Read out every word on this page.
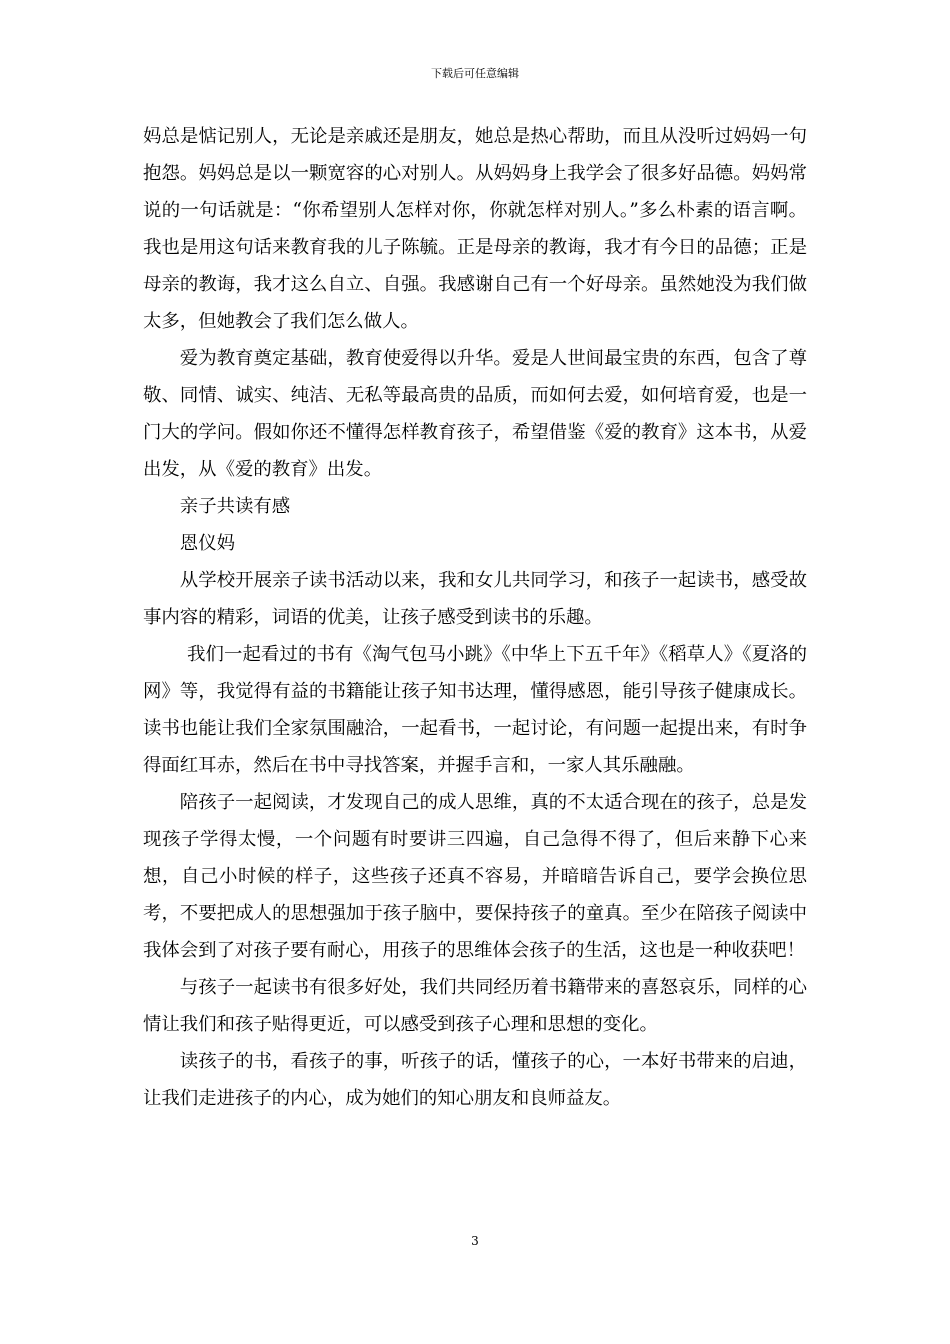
下载后可任意编辑

妈总是惦记别人，无论是亲戚还是朋友，她总是热心帮助，而且从没听过妈妈一句抱怨。妈妈总是以一颗宽容的心对别人。从妈妈身上我学会了很多好品德。妈妈常说的一句话就是：“你希望别人怎样对你，你就怎样对别人。”多么朴素的语言啊。我也是用这句话来教育我的儿子陈毓。正是母亲的教诲，我才有今日的品德；正是母亲的教诲，我才这么自立、自强。我感谢自己有一个好母亲。虽然她没为我们做太多，但她教会了我们怎么做人。

爱为教育奠定基础，教育使爱得以升华。爱是人世间最宝贵的东西，包含了尊敬、同情、诚实、纯洁、无私等最高贵的品质，而如何去爱，如何培育爱，也是一门大的学问。假如你还不懂得怎样教育孩子，希望借鉴《爱的教育》这本书，从爱出发，从《爱的教育》出发。

亲子共读有感

恩仪妈

从学校开展亲子读书活动以来，我和女儿共同学习，和孩子一起读书，感受故事内容的精彩，词语的优美，让孩子感受到读书的乐趣。

我们一起看过的书有《淘气包马小跳》《中华上下五千年》《稻草人》《夏洛的网》等，我觉得有益的书籍能让孩子知书达理，懂得感恩，能引导孩子健康成长。读书也能让我们全家氛围融洽，一起看书，一起讨论，有问题一起提出来，有时争得面红耳赤，然后在书中寻找答案，并握手言和，一家人其乐融融。

陪孩子一起阅读，才发现自己的成人思维，真的不太适合现在的孩子，总是发现孩子学得太慢，一个问题有时要讲三四遍，自己急得不得了，但后来静下心来想，自己小时候的样子，这些孩子还真不容易，并暗暗告诉自己，要学会换位思考，不要把成人的思想强加于孩子脑中，要保持孩子的童真。至少在陪孩子阅读中我体会到了对孩子要有耐心，用孩子的思维体会孩子的生活，这也是一种收获吧！

与孩子一起读书有很多好处，我们共同经历着书籍带来的喜怒哀乐，同样的心情让我们和孩子贴得更近，可以感受到孩子心理和思想的变化。

读孩子的书，看孩子的事，听孩子的话，懂孩子的心，一本好书带来的启迪，让我们走进孩子的内心，成为她们的知心朋友和良师益友。

3
